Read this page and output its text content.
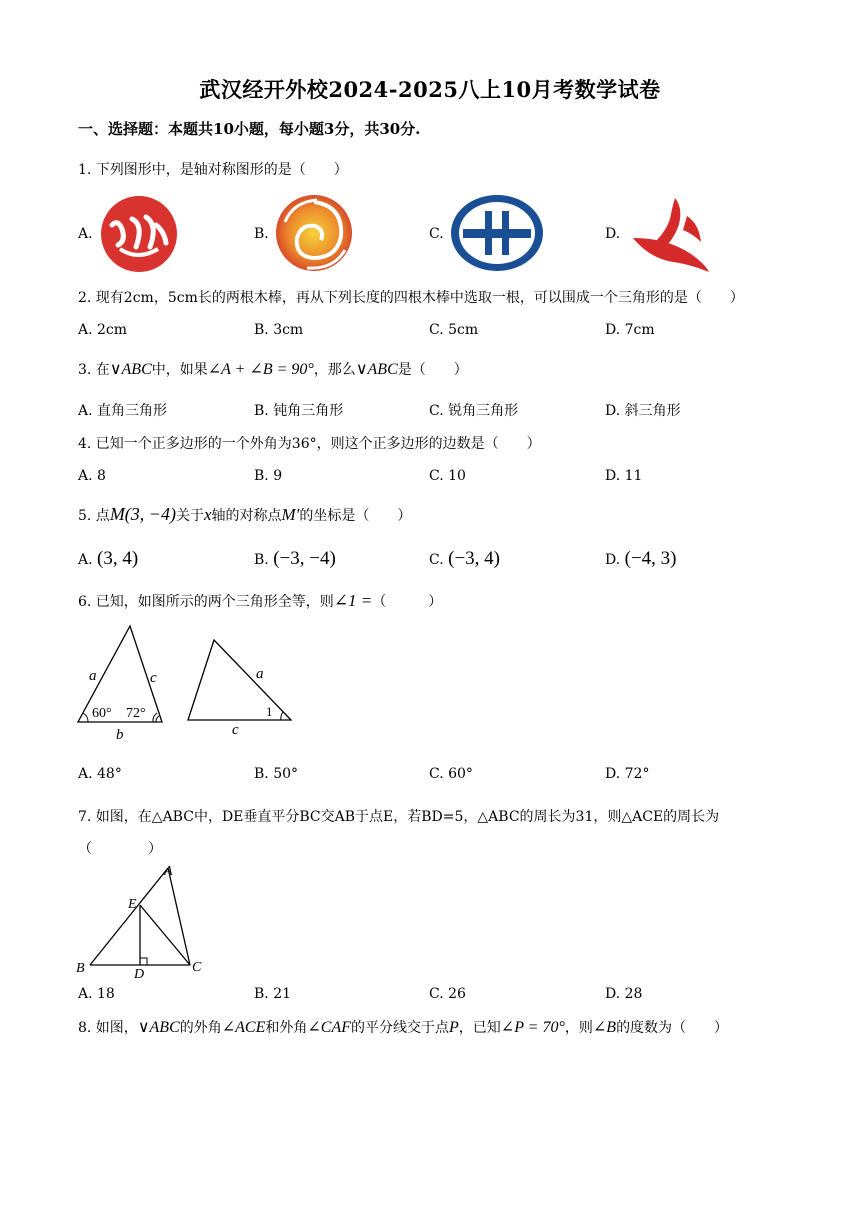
武汉经开外校2024-2025八上10月考数学试卷
一、选择题：本题共10小题，每小题3分，共30分.
1. 下列图形中，是轴对称图形的是（　　）
A.	B.	C.	D.
2. 现有2cm，5cm长的两根木棒，再从下列长度的四根木棒中选取一根，可以围成一个三角形的是（　　）
A. 2cm	B. 3cm	C. 5cm	D. 7cm
3. 在∨ABC中，如果∠A + ∠B = 90°，那么∨ABC是（　　）
A. 直角三角形	B. 钝角三角形	C. 锐角三角形	D. 斜三角形
4. 已知一个正多边形的一个外角为36°，则这个正多边形的边数是（　　）
A. 8	B. 9	C. 10	D. 11
5. 点M(3, −4)关于x轴的对称点M′的坐标是（　　）
A. (3, 4)	B. (−3, −4)	C. (−3, 4)	D. (−4, 3)
6. 已知，如图所示的两个三角形全等，则∠1 =（　　　）
a	c
b
60° 72°
a
c
1
A. 48°	B. 50°	C. 60°	D. 72°
7. 如图，在△ABC中，DE垂直平分BC交AB于点E，若BD=5，△ABC的周长为31，则△ACE的周长为
（　　　　）
A
B	C
D
E
A. 18	B. 21	C. 26	D. 28
8. 如图，∨ABC的外角∠ACE和外角∠CAF的平分线交于点P，已知∠P = 70°，则∠B的度数为（　　）
